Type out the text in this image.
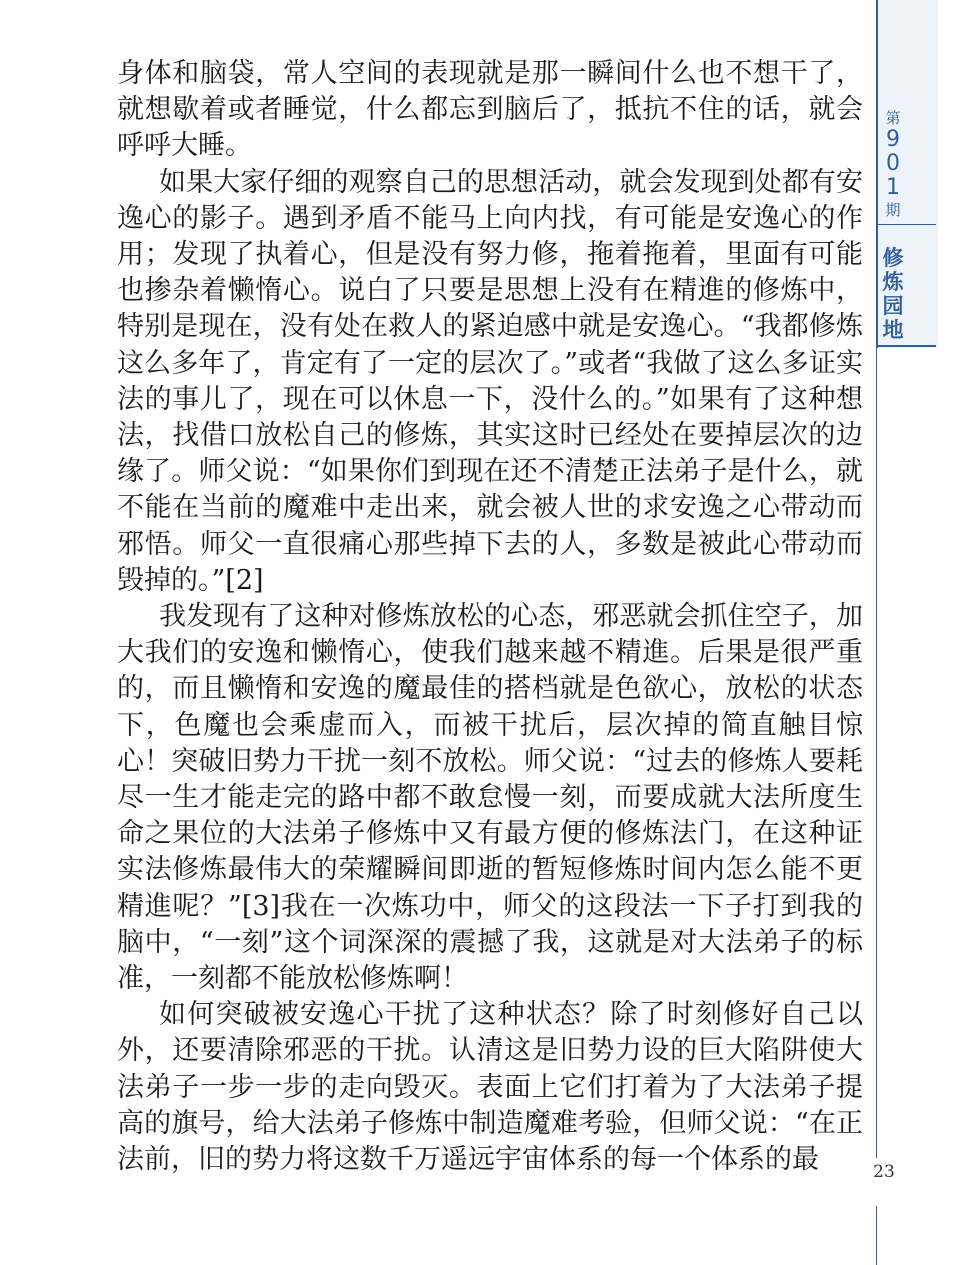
身体和脑袋，常人空间的表现就是那一瞬间什么也不想干了，就想歇着或者睡觉，什么都忘到脑后了，抵抗不住的话，就会呼呼大睡。

如果大家仔细的观察自己的思想活动，就会发现到处都有安逸心的影子。遇到矛盾不能马上向内找，有可能是安逸心的作用；发现了执着心，但是没有努力修，拖着拖着，里面有可能也掺杂着懒惰心。说白了只要是思想上没有在精進的修炼中，特别是现在，没有处在救人的紧迫感中就是安逸心。“我都修炼这么多年了，肯定有了一定的层次了。”或者“我做了这么多证实法的事儿了，现在可以休息一下，没什么的。”如果有了这种想法，找借口放松自己的修炼，其实这时已经处在要掉层次的边缘了。师父说：“如果你们到现在还不清楚正法弟子是什么，就不能在当前的魔难中走出来，就会被人世的求安逸之心带动而邪悟。师父一直很痛心那些掉下去的人，多数是被此心带动而毁掉的。”[2]

我发现有了这种对修炼放松的心态，邪恶就会抓住空子，加大我们的安逸和懒惰心，使我们越来越不精進。后果是很严重的，而且懒惰和安逸的魔最佳的搭档就是色欲心，放松的状态下，色魔也会乘虚而入，而被干扰后，层次掉的简直触目惊心！突破旧势力干扰一刻不放松。师父说：“过去的修炼人要耗尽一生才能走完的路中都不敢怠慢一刻，而要成就大法所度生命之果位的大法弟子修炼中又有最方便的修炼法门，在这种证实法修炼最伟大的荣耀瞬间即逝的暂短修炼时间内怎么能不更精進呢？”[3]我在一次炼功中，师父的这段法一下子打到我的脑中，“一刻”这个词深深的震撼了我，这就是对大法弟子的标准，一刻都不能放松修炼啊！

如何突破被安逸心干扰了这种状态？除了时刻修好自己以外，还要清除邪恶的干扰。认清这是旧势力设的巨大陷阱使大法弟子一步一步的走向毁灭。表面上它们打着为了大法弟子提高的旗号，给大法弟子修炼中制造魔难考验，但师父说：“在正法前，旧的势力将这数千万遥远宇宙体系的每一个体系的最

第
9
0
1
期
修
炼
园
地
23
